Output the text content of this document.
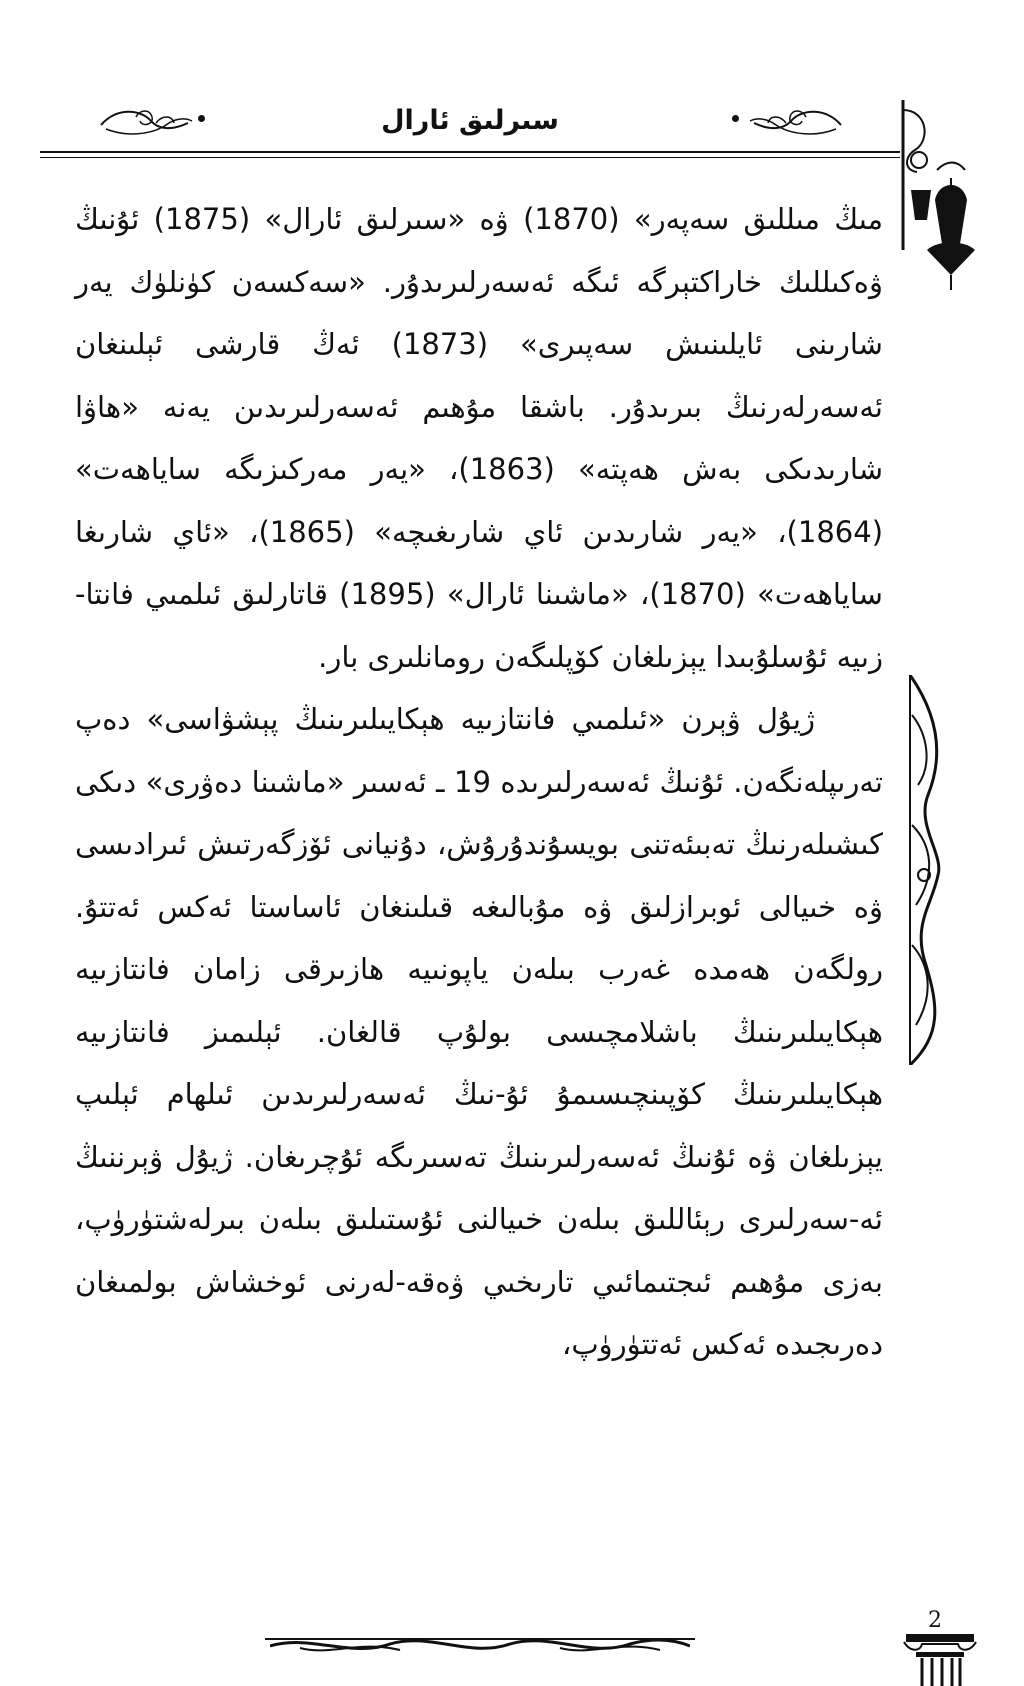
سىرلىق ئارال

مىڭ مىللىق سەپەر» (1870) ۋە «سىرلىق ئارال» (1875) ئۇنىڭ ۋەكىللىك خاراكتېرگە ئىگە ئەسەرلىرىدۇر. «سەكسەن كۈنلۈك يەر شارىنى ئايلىنىش سەپىرى» (1873) ئەڭ قارشى ئېلىنغان ئەسەرلەرنىڭ بىرىدۇر. باشقا مۇھىم ئەسەرلىرىدىن يەنە «ھاۋا شارىدىكى بەش ھەپتە» (1863)، «يەر مەركىزىگە ساياھەت» (1864)، «يەر شارىدىن ئاي شارىغىچە» (1865)، «ئاي شارىغا ساياھەت» (1870)، «ماشىنا ئارال» (1895) قاتارلىق ئىلمىي فانتا-زىيە ئۇسلۇبىدا يېزىلغان كۆپلىگەن رومانلىرى بار.

ژيۇل ۋېرن «ئىلمىي فانتازىيە ھېكايىلىرىنىڭ پېشۋاسى» دەپ تەرىپلەنگەن. ئۇنىڭ ئەسەرلىرىدە 19 ـ ئەسىر «ماشىنا دەۋرى» دىكى كىشىلەرنىڭ تەبىئەتنى بويسۇندۇرۇش، دۇنيانى ئۆزگەرتىش ئىرادىسى ۋە خىيالى ئوبرازلىق ۋە مۇبالىغە قىلىنغان ئاساستا ئەكس ئەتتۇ. رولگەن ھەمدە غەرب بىلەن ياپونىيە ھازىرقى زامان فانتازىيە ھېكايىلىرىنىڭ باشلامچىسى بولۇپ قالغان. ئېلىمىز فانتازىيە ھېكايىلىرىنىڭ كۆپىنچىسىمۇ ئۇ-نىڭ ئەسەرلىرىدىن ئىلھام ئېلىپ يېزىلغان ۋە ئۇنىڭ ئەسەرلىرىنىڭ تەسىرىگە ئۇچرىغان. ژيۇل ۋېرننىڭ ئە-سەرلىرى رېئاللىق بىلەن خىيالنى ئۇستىلىق بىلەن بىرلەشتۈرۈپ، بەزى مۇھىم ئىجتىمائىي تارىخىي ۋەقە-لەرنى ئوخشاش بولمىغان دەرىجىدە ئەكس ئەتتۈرۈپ،

2
